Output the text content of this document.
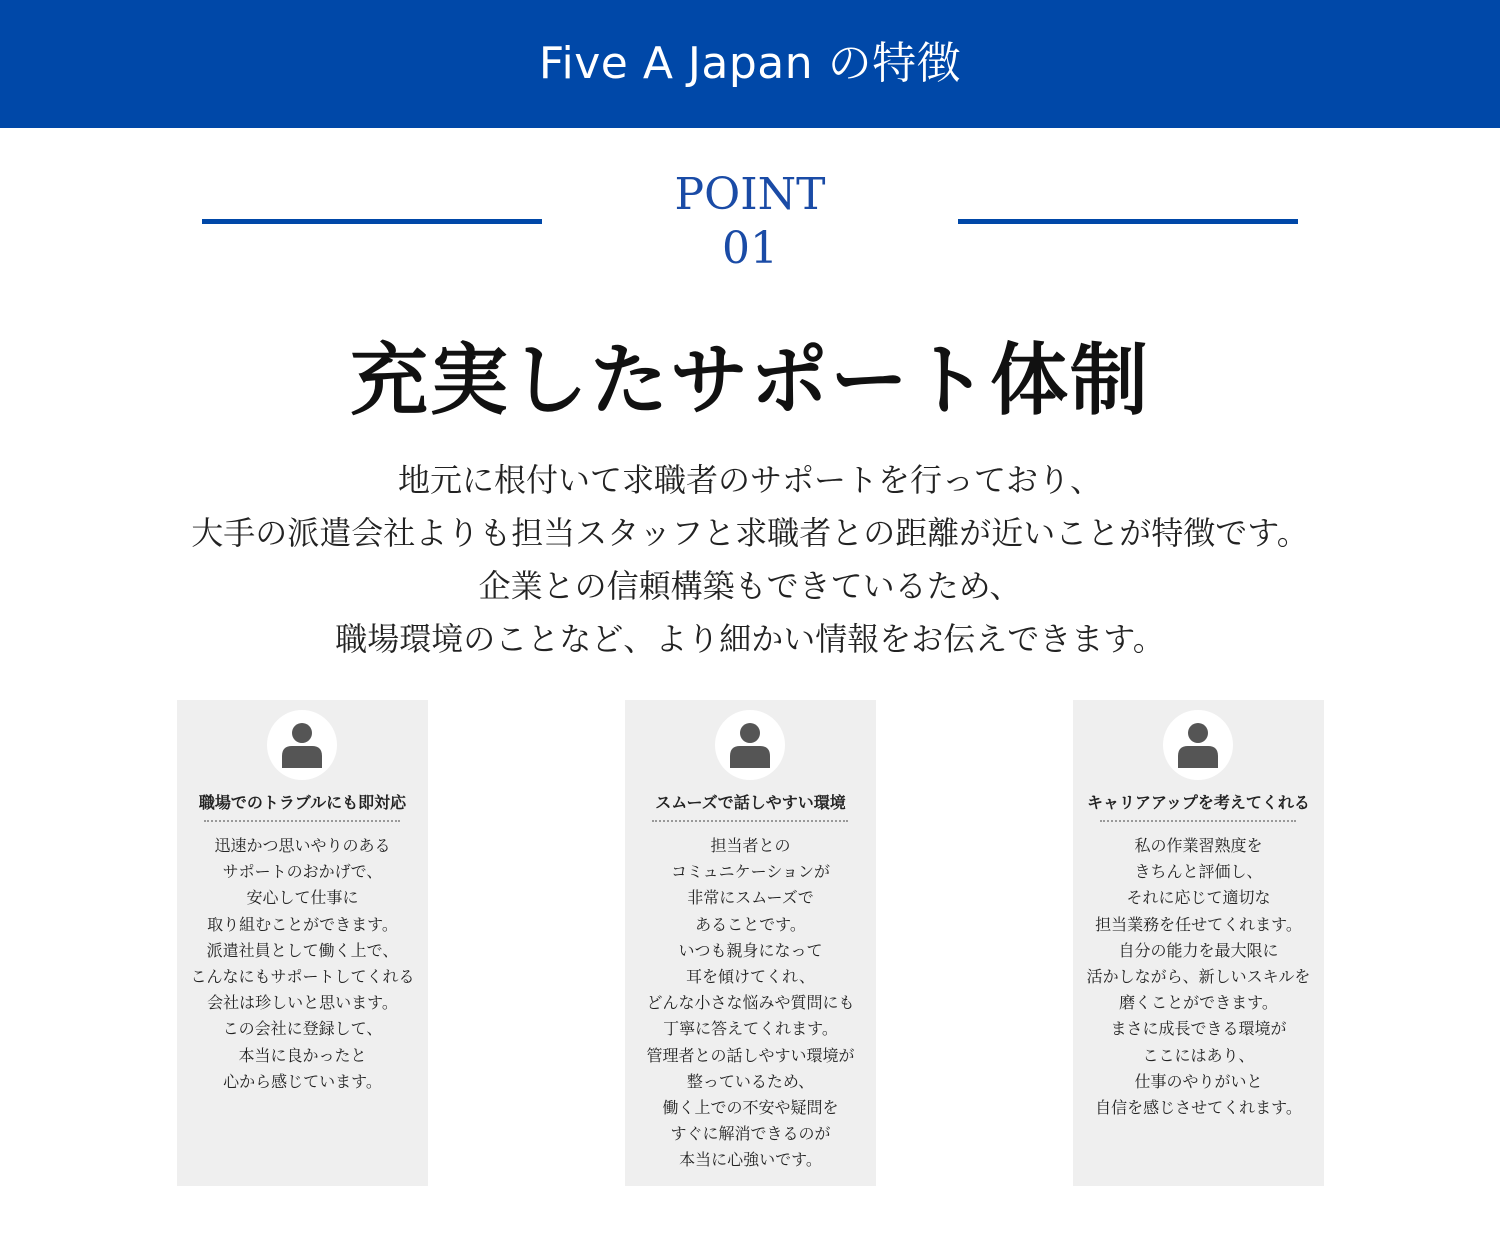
Five A Japan の特徴
POINT
01
充実したサポート体制
地元に根付いて求職者のサポートを行っており、
大手の派遣会社よりも担当スタッフと求職者との距離が近いことが特徴です。
企業との信頼構築もできているため、
職場環境のことなど、より細かい情報をお伝えできます。
職場でのトラブルにも即対応
迅速かつ思いやりのある
サポートのおかげで、
安心して仕事に
取り組むことができます。
派遣社員として働く上で、
こんなにもサポートしてくれる
会社は珍しいと思います。
この会社に登録して、
本当に良かったと
心から感じています。
スムーズで話しやすい環境
担当者との
コミュニケーションが
非常にスムーズで
あることです。
いつも親身になって
耳を傾けてくれ、
どんな小さな悩みや質問にも
丁寧に答えてくれます。
管理者との話しやすい環境が
整っているため、
働く上での不安や疑問を
すぐに解消できるのが
本当に心強いです。
キャリアアップを考えてくれる
私の作業習熟度を
きちんと評価し、
それに応じて適切な
担当業務を任せてくれます。
自分の能力を最大限に
活かしながら、新しいスキルを
磨くことができます。
まさに成長できる環境が
ここにはあり、
仕事のやりがいと
自信を感じさせてくれます。
